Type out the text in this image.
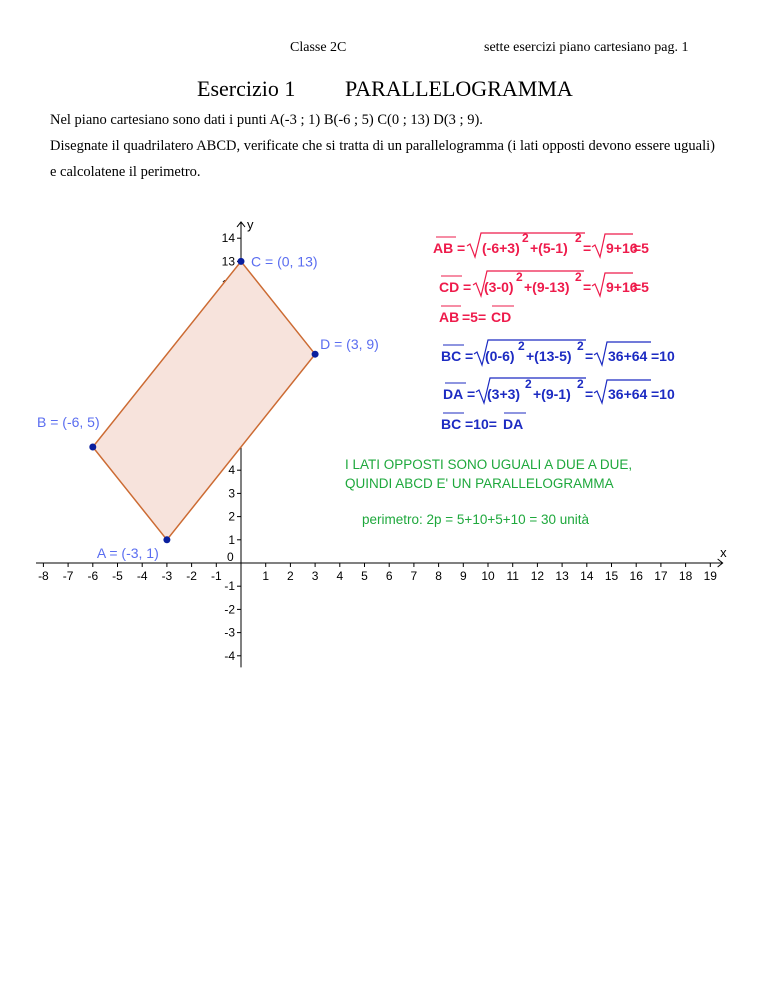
Classe 2C	sette esercizi piano cartesiano pag. 1
Esercizio 1 PARALLELOGRAMMA

Nel piano cartesiano sono dati i punti A(-3 ; 1) B(-6 ; 5) C(0 ; 13) D(3 ; 9).

Disegnate il quadrilatero ABCD, verificate che si tratta di un parallelogramma (i lati opposti devono essere uguali) e calcolatene il perimetro.

x
y
-8 -7 -6 -5 -4 -3 -2 -1
0
1 2 3 4 5 6 7 8 9 10 11 12 13 14 15 16 17 18 19
-4
-3
-2
-1
1
2
3
4
13
14
A = (-3, 1)
B = (-6, 5)
C = (0, 13)
D = (3, 9)
AB = (-6+3)
2
+(5-1)
2
= 9+16
=5
CD = (3-0)
2
+(9-13)
2
= 9+16
=5
AB =5= CD
BC = (0-6)
2
+(13-5)
2
= 36+64 =10
DA = (3+3)
2
+(9-1)
2
= 36+64 =10
BC =10= DA
I LATI OPPOSTI SONO UGUALI A DUE A DUE,
QUINDI ABCD E' UN PARALLELOGRAMMA
perimetro: 2p = 5+10+5+10 = 30 unità
